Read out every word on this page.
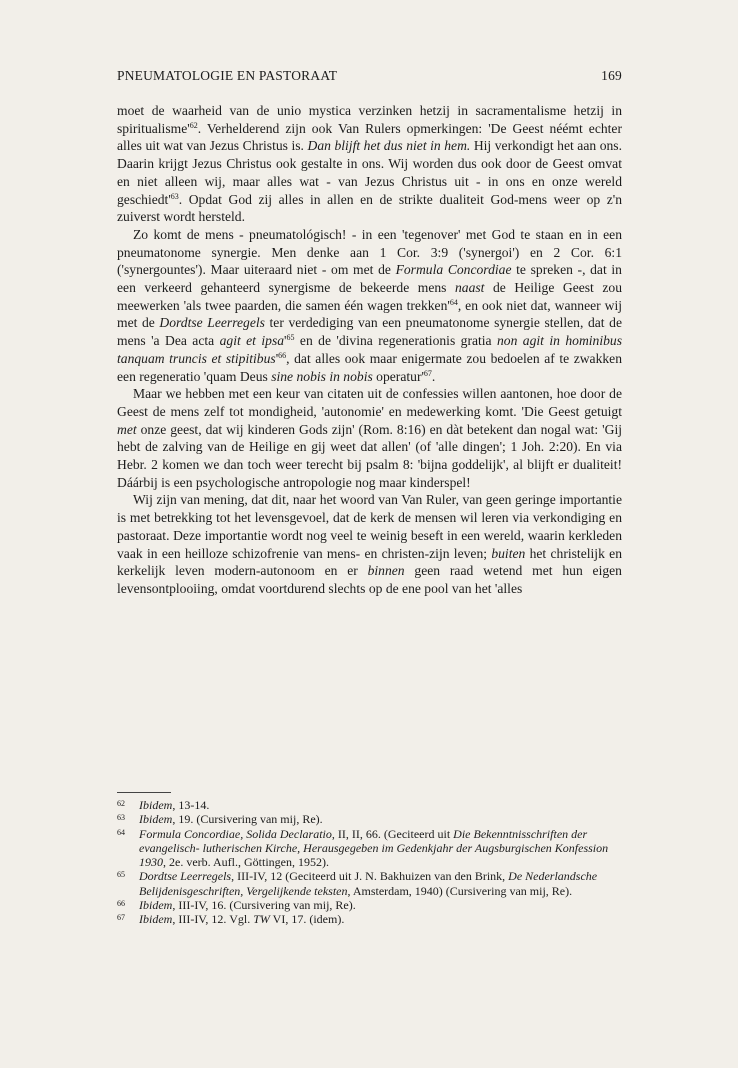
PNEUMATOLOGIE EN PASTORAAT	169

moet de waarheid van de unio mystica verzinken hetzij in sacramentalisme hetzij in $spiritualisme'^{62}$. Verhelderend zijn ook Van Rulers opmerkingen: 'De Geest néémt echter alles uit wat van Jezus Christus is. Dan blijft het dus niet in hem. Hij verkondigt het aan ons. Daarin krijgt Jezus Christus ook gestalte in ons. Wij worden dus ook door de Geest omvat en niet alleen wij, maar alles wat - van Jezus Christus uit - in ons en onze wereld $geschiedt'^{63}$. Opdat God zij alles in allen en de strikte dualiteit God-mens weer op z'n zuiverst wordt hersteld.

Zo komt de mens - pneumatológisch! - in een 'tegenover' met God te staan en in een pneumatonome synergie. Men denke aan 1 Cor. 3:9 ('synergoi') en 2 Cor. 6:1 ('synergountes'). Maar uiteraard niet - om met de Formula Concordiae te spreken -, dat in een verkeerd gehanteerd synergisme de bekeerde mens naast de Heilige Geest zou meewerken 'als twee paarden, die samen één wagen $trekken'^{64}$, en ook niet dat, wanneer wij met de Dordtse Leerregels ter verdediging van een pneumatonome synergie stellen, dat de mens 'a Dea acta agit et $ipsa'^{65}$ en de 'divina regenerationis gratia non agit in hominibus tanquam truncis et $stipitibus'^{66}$, dat alles ook maar enigermate zou bedoelen af te zwakken een regeneratio 'quam Deus sine nobis in nobis $operatur'^{67}$.

Maar we hebben met een keur van citaten uit de confessies willen aantonen, hoe door de Geest de mens zelf tot mondigheid, 'autonomie' en medewerking komt. 'Die Geest getuigt met onze geest, dat wij kinderen Gods zijn' (Rom. 8:16) en dàt betekent dan nogal wat: 'Gij hebt de zalving van de Heilige en gij weet dat allen' (of 'alle dingen'; 1 Joh. 2:20). En via Hebr. 2 komen we dan toch weer terecht bij psalm 8: 'bijna goddelijk', al blijft er dualiteit! Dáárbij is een psychologische antropologie nog maar kinderspel!

Wij zijn van mening, dat dit, naar het woord van Van Ruler, van geen geringe importantie is met betrekking tot het levensgevoel, dat de kerk de mensen wil leren via verkondiging en pastoraat. Deze importantie wordt nog veel te weinig beseft in een wereld, waarin kerkleden vaak in een heilloze schizofrenie van mens- en christen-zijn leven; buiten het christelijk en kerkelijk leven modern-autonoom en er binnen geen raad wetend met hun eigen levensontplooiing, omdat voortdurend slechts op de ene pool van het 'alles

62 Ibidem, 13-14.
63 Ibidem, 19. (Cursivering van mij, Re).
64 Formula Concordiae, Solida Declaratio, II, II, 66. (Geciteerd uit Die Bekenntnisschriften der evangelisch- lutherischen Kirche, Herausgegeben im Gedenkjahr der Augsburgischen Konfession 1930, 2e. verb. Aufl., Göttingen, 1952).
65 Dordtse Leerregels, III-IV, 12 (Geciteerd uit J. N. Bakhuizen van den Brink, De Nederlandsche Belijdenisgeschriften, Vergelijkende teksten, Amsterdam, 1940) (Cursivering van mij, Re).
66 Ibidem, III-IV, 16. (Cursivering van mij, Re).
67 Ibidem, III-IV, 12. Vgl. TW VI, 17. (idem).
